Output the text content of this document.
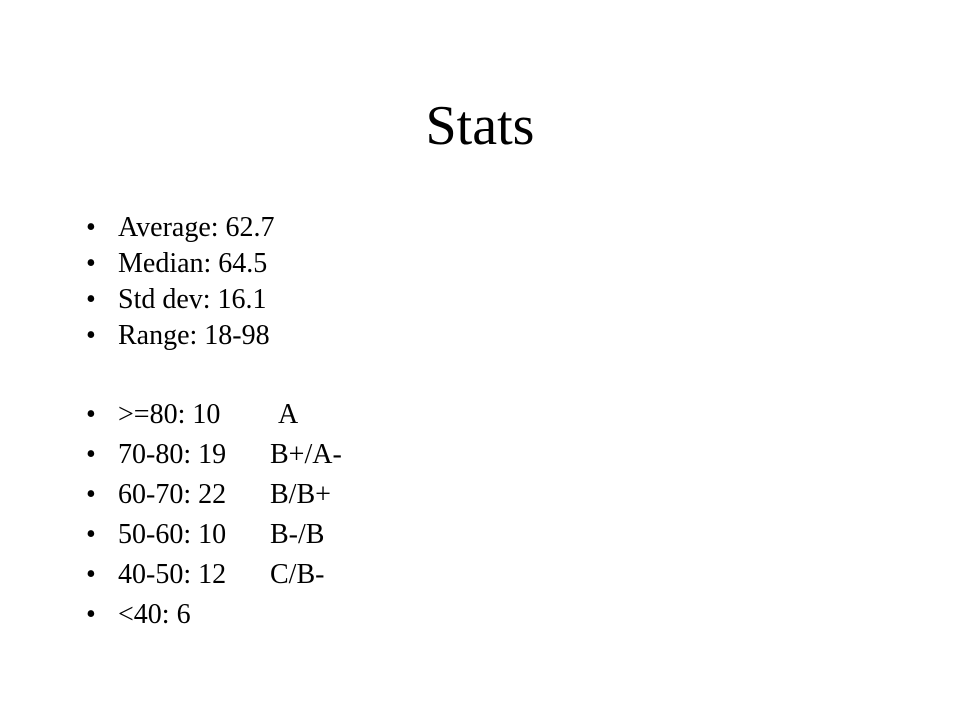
Stats
• Average: 62.7
• Median: 64.5
• Std dev: 16.1
• Range: 18-98
• >=80: 10 A
• 70-80: 19 B+/A-
• 60-70: 22 B/B+
• 50-60: 10 B-/B
• 40-50: 12 C/B-
• <40: 6
